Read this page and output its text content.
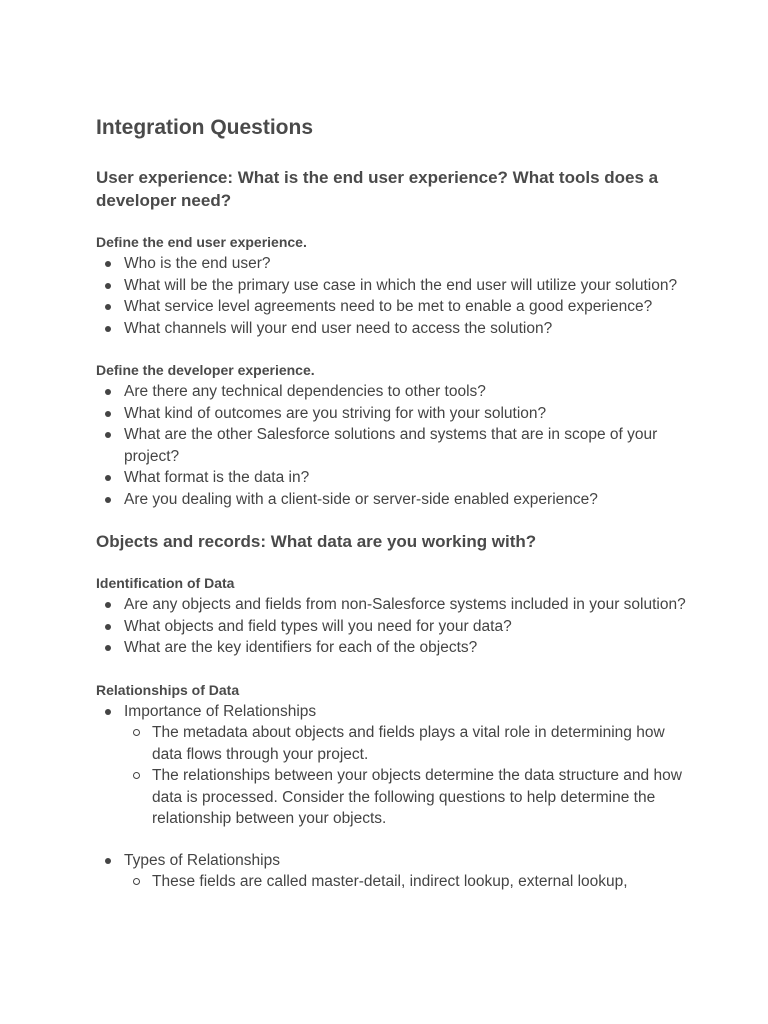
Integration Questions
User experience: What is the end user experience? What tools does a developer need?
Define the end user experience.
Who is the end user?
What will be the primary use case in which the end user will utilize your solution?
What service level agreements need to be met to enable a good experience?
What channels will your end user need to access the solution?
Define the developer experience.
Are there any technical dependencies to other tools?
What kind of outcomes are you striving for with your solution?
What are the other Salesforce solutions and systems that are in scope of your project?
What format is the data in?
Are you dealing with a client-side or server-side enabled experience?
Objects and records: What data are you working with?
Identification of Data
Are any objects and fields from non-Salesforce systems included in your solution?
What objects and field types will you need for your data?
What are the key identifiers for each of the objects?
Relationships of Data
Importance of Relationships
The metadata about objects and fields plays a vital role in determining how data flows through your project.
The relationships between your objects determine the data structure and how data is processed. Consider the following questions to help determine the relationship between your objects.
Types of Relationships
These fields are called master-detail, indirect lookup, external lookup,
